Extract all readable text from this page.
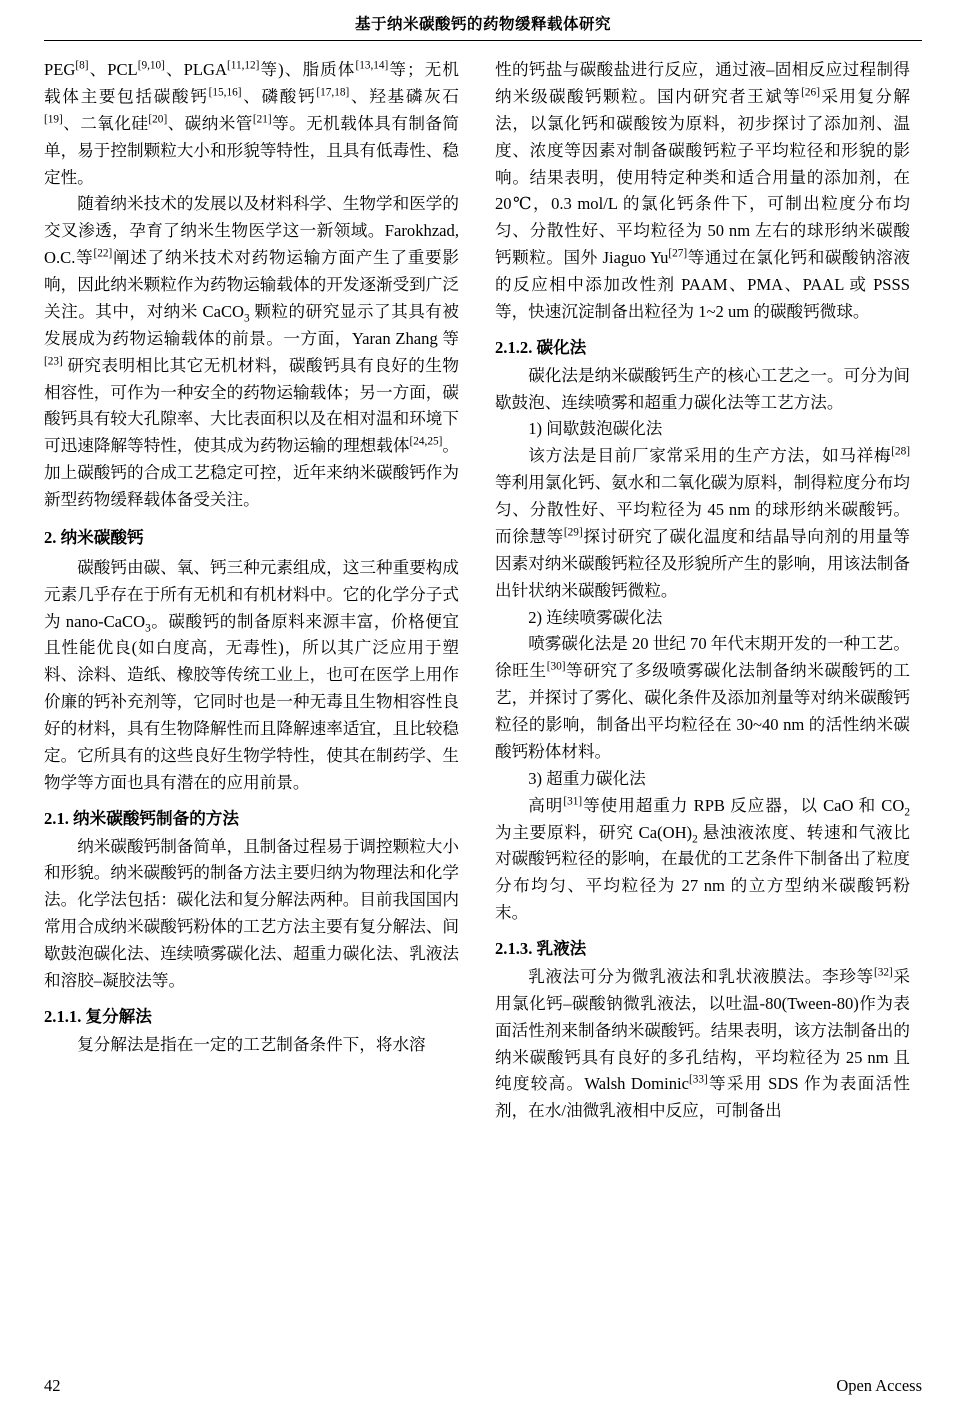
基于纳米碳酸钙的药物缓释载体研究

PEG[8]、PCL[9,10]、PLGA[11,12]等)、脂质体[13,14]等；无机载体主要包括碳酸钙[15,16]、磷酸钙[17,18]、羟基磷灰石[19]、二氧化硅[20]、碳纳米管[21]等。无机载体具有制备简单，易于控制颗粒大小和形貌等特性，且具有低毒性、稳定性。

随着纳米技术的发展以及材料科学、生物学和医学的交叉渗透，孕育了纳米生物医学这一新领域。Farokhzad, O.C.等[22]阐述了纳米技术对药物运输方面产生了重要影响，因此纳米颗粒作为药物运输载体的开发逐渐受到广泛关注。其中，对纳米 CaCO$_3$ 颗粒的研究显示了其具有被发展成为药物运输载体的前景。一方面，Yaran Zhang 等[23] 研究表明相比其它无机材料，碳酸钙具有良好的生物相容性，可作为一种安全的药物运输载体；另一方面，碳酸钙具有较大孔隙率、大比表面积以及在相对温和环境下可迅速降解等特性，使其成为药物运输的理想载体[24,25]。加上碳酸钙的合成工艺稳定可控，近年来纳米碳酸钙作为新型药物缓释载体备受关注。

2. 纳米碳酸钙

碳酸钙由碳、氧、钙三种元素组成，这三种重要构成元素几乎存在于所有无机和有机材料中。它的化学分子式为 nano-CaCO$_3$。碳酸钙的制备原料来源丰富，价格便宜且性能优良(如白度高，无毒性)，所以其广泛应用于塑料、涂料、造纸、橡胶等传统工业上，也可在医学上用作价廉的钙补充剂等，它同时也是一种无毒且生物相容性良好的材料，具有生物降解性而且降解速率适宜，且比较稳定。它所具有的这些良好生物学特性，使其在制药学、生物学等方面也具有潜在的应用前景。

2.1. 纳米碳酸钙制备的方法

纳米碳酸钙制备简单，且制备过程易于调控颗粒大小和形貌。纳米碳酸钙的制备方法主要归纳为物理法和化学法。化学法包括：碳化法和复分解法两种。目前我国国内常用合成纳米碳酸钙粉体的工艺方法主要有复分解法、间歇鼓泡碳化法、连续喷雾碳化法、超重力碳化法、乳液法和溶胶–凝胶法等。

2.1.1. 复分解法

复分解法是指在一定的工艺制备条件下，将水溶

性的钙盐与碳酸盐进行反应，通过液–固相反应过程制得纳米级碳酸钙颗粒。国内研究者王斌等[26]采用复分解法，以氯化钙和碳酸铵为原料，初步探讨了添加剂、温度、浓度等因素对制备碳酸钙粒子平均粒径和形貌的影响。结果表明，使用特定种类和适合用量的添加剂，在 20℃，0.3 mol/L 的氯化钙条件下，可制出粒度分布均匀、分散性好、平均粒径为 50 nm 左右的球形纳米碳酸钙颗粒。国外 Jiaguo Yu[27]等通过在氯化钙和碳酸钠溶液的反应相中添加改性剂 PAAM、PMA、PAAL 或 PSSS 等，快速沉淀制备出粒径为 1~2 um 的碳酸钙微球。

2.1.2. 碳化法

碳化法是纳米碳酸钙生产的核心工艺之一。可分为间歇鼓泡、连续喷雾和超重力碳化法等工艺方法。

1) 间歇鼓泡碳化法

该方法是目前厂家常采用的生产方法，如马祥梅[28]等利用氯化钙、氨水和二氧化碳为原料，制得粒度分布均匀、分散性好、平均粒径为 45 nm 的球形纳米碳酸钙。而徐慧等[29]探讨研究了碳化温度和结晶导向剂的用量等因素对纳米碳酸钙粒径及形貌所产生的影响，用该法制备出针状纳米碳酸钙微粒。

2) 连续喷雾碳化法

喷雾碳化法是 20 世纪 70 年代末期开发的一种工艺。徐旺生[30]等研究了多级喷雾碳化法制备纳米碳酸钙的工艺，并探讨了雾化、碳化条件及添加剂量等对纳米碳酸钙粒径的影响，制备出平均粒径在 30~40 nm 的活性纳米碳酸钙粉体材料。

3) 超重力碳化法

高明[31]等使用超重力 RPB 反应器，以 CaO 和 $CO_2$ 为主要原料，研究 $Ca(OH)_2$ 悬浊液浓度、转速和气液比对碳酸钙粒径的影响，在最优的工艺条件下制备出了粒度分布均匀、平均粒径为 27 nm 的立方型纳米碳酸钙粉末。

2.1.3. 乳液法

乳液法可分为微乳液法和乳状液膜法。李珍等[32]采用氯化钙–碳酸钠微乳液法，以吐温-80(Tween-80)作为表面活性剂来制备纳米碳酸钙。结果表明，该方法制备出的纳米碳酸钙具有良好的多孔结构，平均粒径为 25 nm 且纯度较高。Walsh Dominic[33]等采用 SDS 作为表面活性剂，在水/油微乳液相中反应，可制备出

42	Open Access
